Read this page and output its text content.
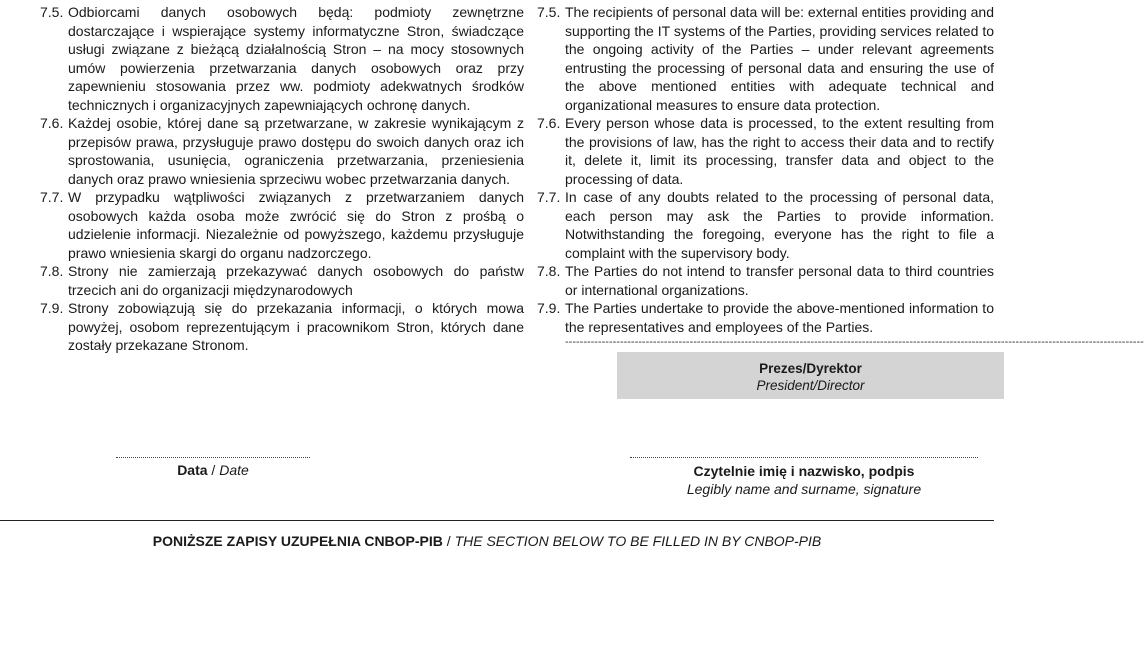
7.5. Odbiorcami danych osobowych będą: podmioty zewnętrzne dostarczające i wspierające systemy informatyczne Stron, świadczące usługi związane z bieżącą działalnością Stron – na mocy stosownych umów powierzenia przetwarzania danych osobowych oraz przy zapewnieniu stosowania przez ww. podmioty adekwatnych środków technicznych i organizacyjnych zapewniających ochronę danych.
7.6. Każdej osobie, której dane są przetwarzane, w zakresie wynikającym z przepisów prawa, przysługuje prawo dostępu do swoich danych oraz ich sprostowania, usunięcia, ograniczenia przetwarzania, przeniesienia danych oraz prawo wniesienia sprzeciwu wobec przetwarzania danych.
7.7. W przypadku wątpliwości związanych z przetwarzaniem danych osobowych każda osoba może zwrócić się do Stron z prośbą o udzielenie informacji. Niezależnie od powyższego, każdemu przysługuje prawo wniesienia skargi do organu nadzorczego.
7.8. Strony nie zamierzają przekazywać danych osobowych do państw trzecich ani do organizacji międzynarodowych
7.9. Strony zobowiązują się do przekazania informacji, o których mowa powyżej, osobom reprezentującym i pracownikom Stron, których dane zostały przekazane Stronom.
7.5. The recipients of personal data will be: external entities providing and supporting the IT systems of the Parties, providing services related to the ongoing activity of the Parties – under relevant agreements entrusting the processing of personal data and ensuring the use of the above mentioned entities with adequate technical and organizational measures to ensure data protection.
7.6. Every person whose data is processed, to the extent resulting from the provisions of law, has the right to access their data and to rectify it, delete it, limit its processing, transfer data and object to the processing of data.
7.7. In case of any doubts related to the processing of personal data, each person may ask the Parties to provide information. Notwithstanding the foregoing, everyone has the right to file a complaint with the supervisory body.
7.8. The Parties do not intend to transfer personal data to third countries or international organizations.
7.9. The Parties undertake to provide the above-mentioned information to the representatives and employees of the Parties.
--------------------------------------------------------------------------------------------------------------------------------------------------------------
Prezes/Dyrektor
President/Director
Data / Date	Czytelnie imię i nazwisko, podpis
Legibly name and surname, signature
PONIŻSZE ZAPISY UZUPEŁNIA CNBOP-PIB / THE SECTION BELOW TO BE FILLED IN BY CNBOP-PIB
